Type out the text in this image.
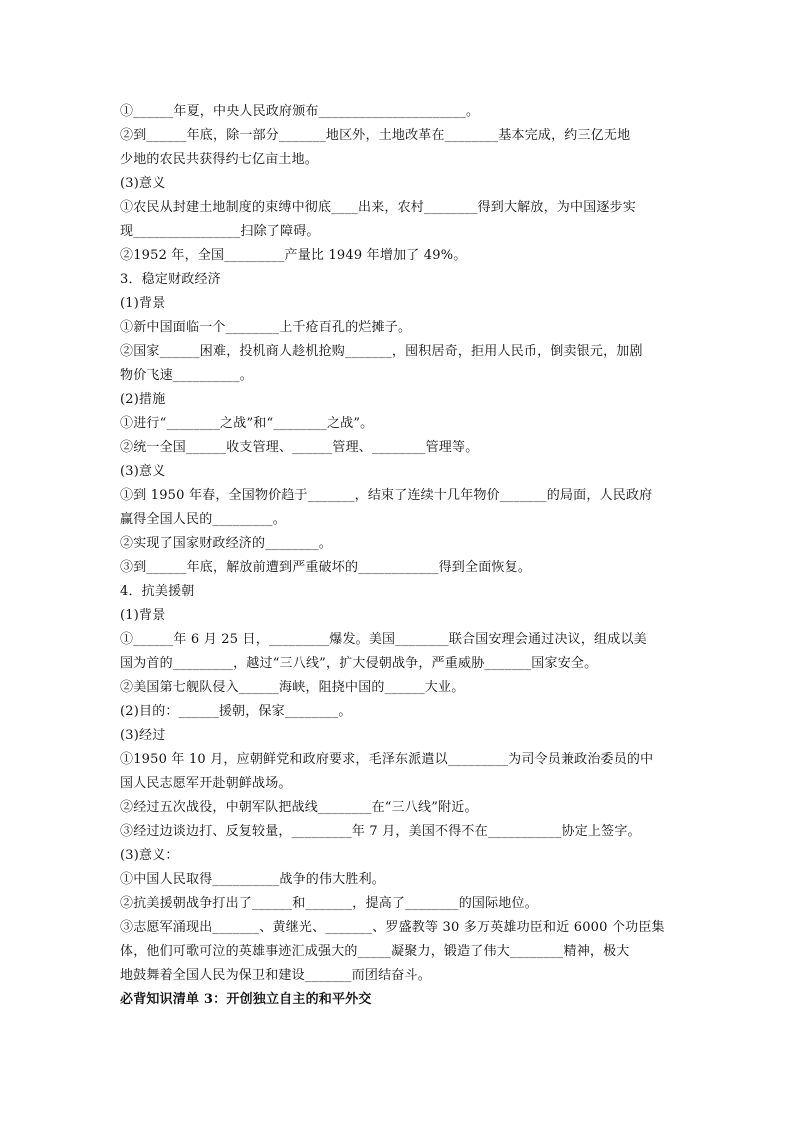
①______年夏，中央人民政府颁布______________________。

②到______年底，除一部分_______地区外，土地改革在________基本完成，约三亿无地

少地的农民共获得约七亿亩土地。

(3)意义

①农民从封建土地制度的束缚中彻底____出来，农村________得到大解放，为中国逐步实

现________________扫除了障碍。

②1952 年，全国_________产量比 1949 年增加了 49%。

3．稳定财政经济

(1)背景

①新中国面临一个________上千疮百孔的烂摊子。

②国家______困难，投机商人趁机抢购_______，囤积居奇，拒用人民币，倒卖银元，加剧

物价飞速__________。

(2)措施

①进行“________之战”和“________之战”。

②统一全国______收支管理、______管理、________管理等。

(3)意义

①到 1950 年春，全国物价趋于_______，结束了连续十几年物价_______的局面，人民政府

赢得全国人民的_________。

②实现了国家财政经济的________。

③到______年底，解放前遭到严重破坏的____________得到全面恢复。

4．抗美援朝

(1)背景

①______年 6 月 25 日，_________爆发。美国________联合国安理会通过决议，组成以美

国为首的_________，越过“三八线”，扩大侵朝战争，严重威胁_______国家安全。

②美国第七舰队侵入______海峡，阻挠中国的______大业。

(2)目的：______援朝，保家________。

(3)经过

①1950 年 10 月，应朝鲜党和政府要求，毛泽东派遣以_________为司令员兼政治委员的中

国人民志愿军开赴朝鲜战场。

②经过五次战役，中朝军队把战线________在“三八线”附近。

③经过边谈边打、反复较量，_________年 7 月，美国不得不在___________协定上签字。

(3)意义：

①中国人民取得__________战争的伟大胜利。

②抗美援朝战争打出了______和_______，提高了________的国际地位。

③志愿军涌现出_______、黄继光、_______、罗盛教等 30 多万英雄功臣和近 6000 个功臣集

体，他们可歌可泣的英雄事迹汇成强大的_____凝聚力，锻造了伟大________精神，极大

地鼓舞着全国人民为保卫和建设_______而团结奋斗。

必背知识清单 3：开创独立自主的和平外交
